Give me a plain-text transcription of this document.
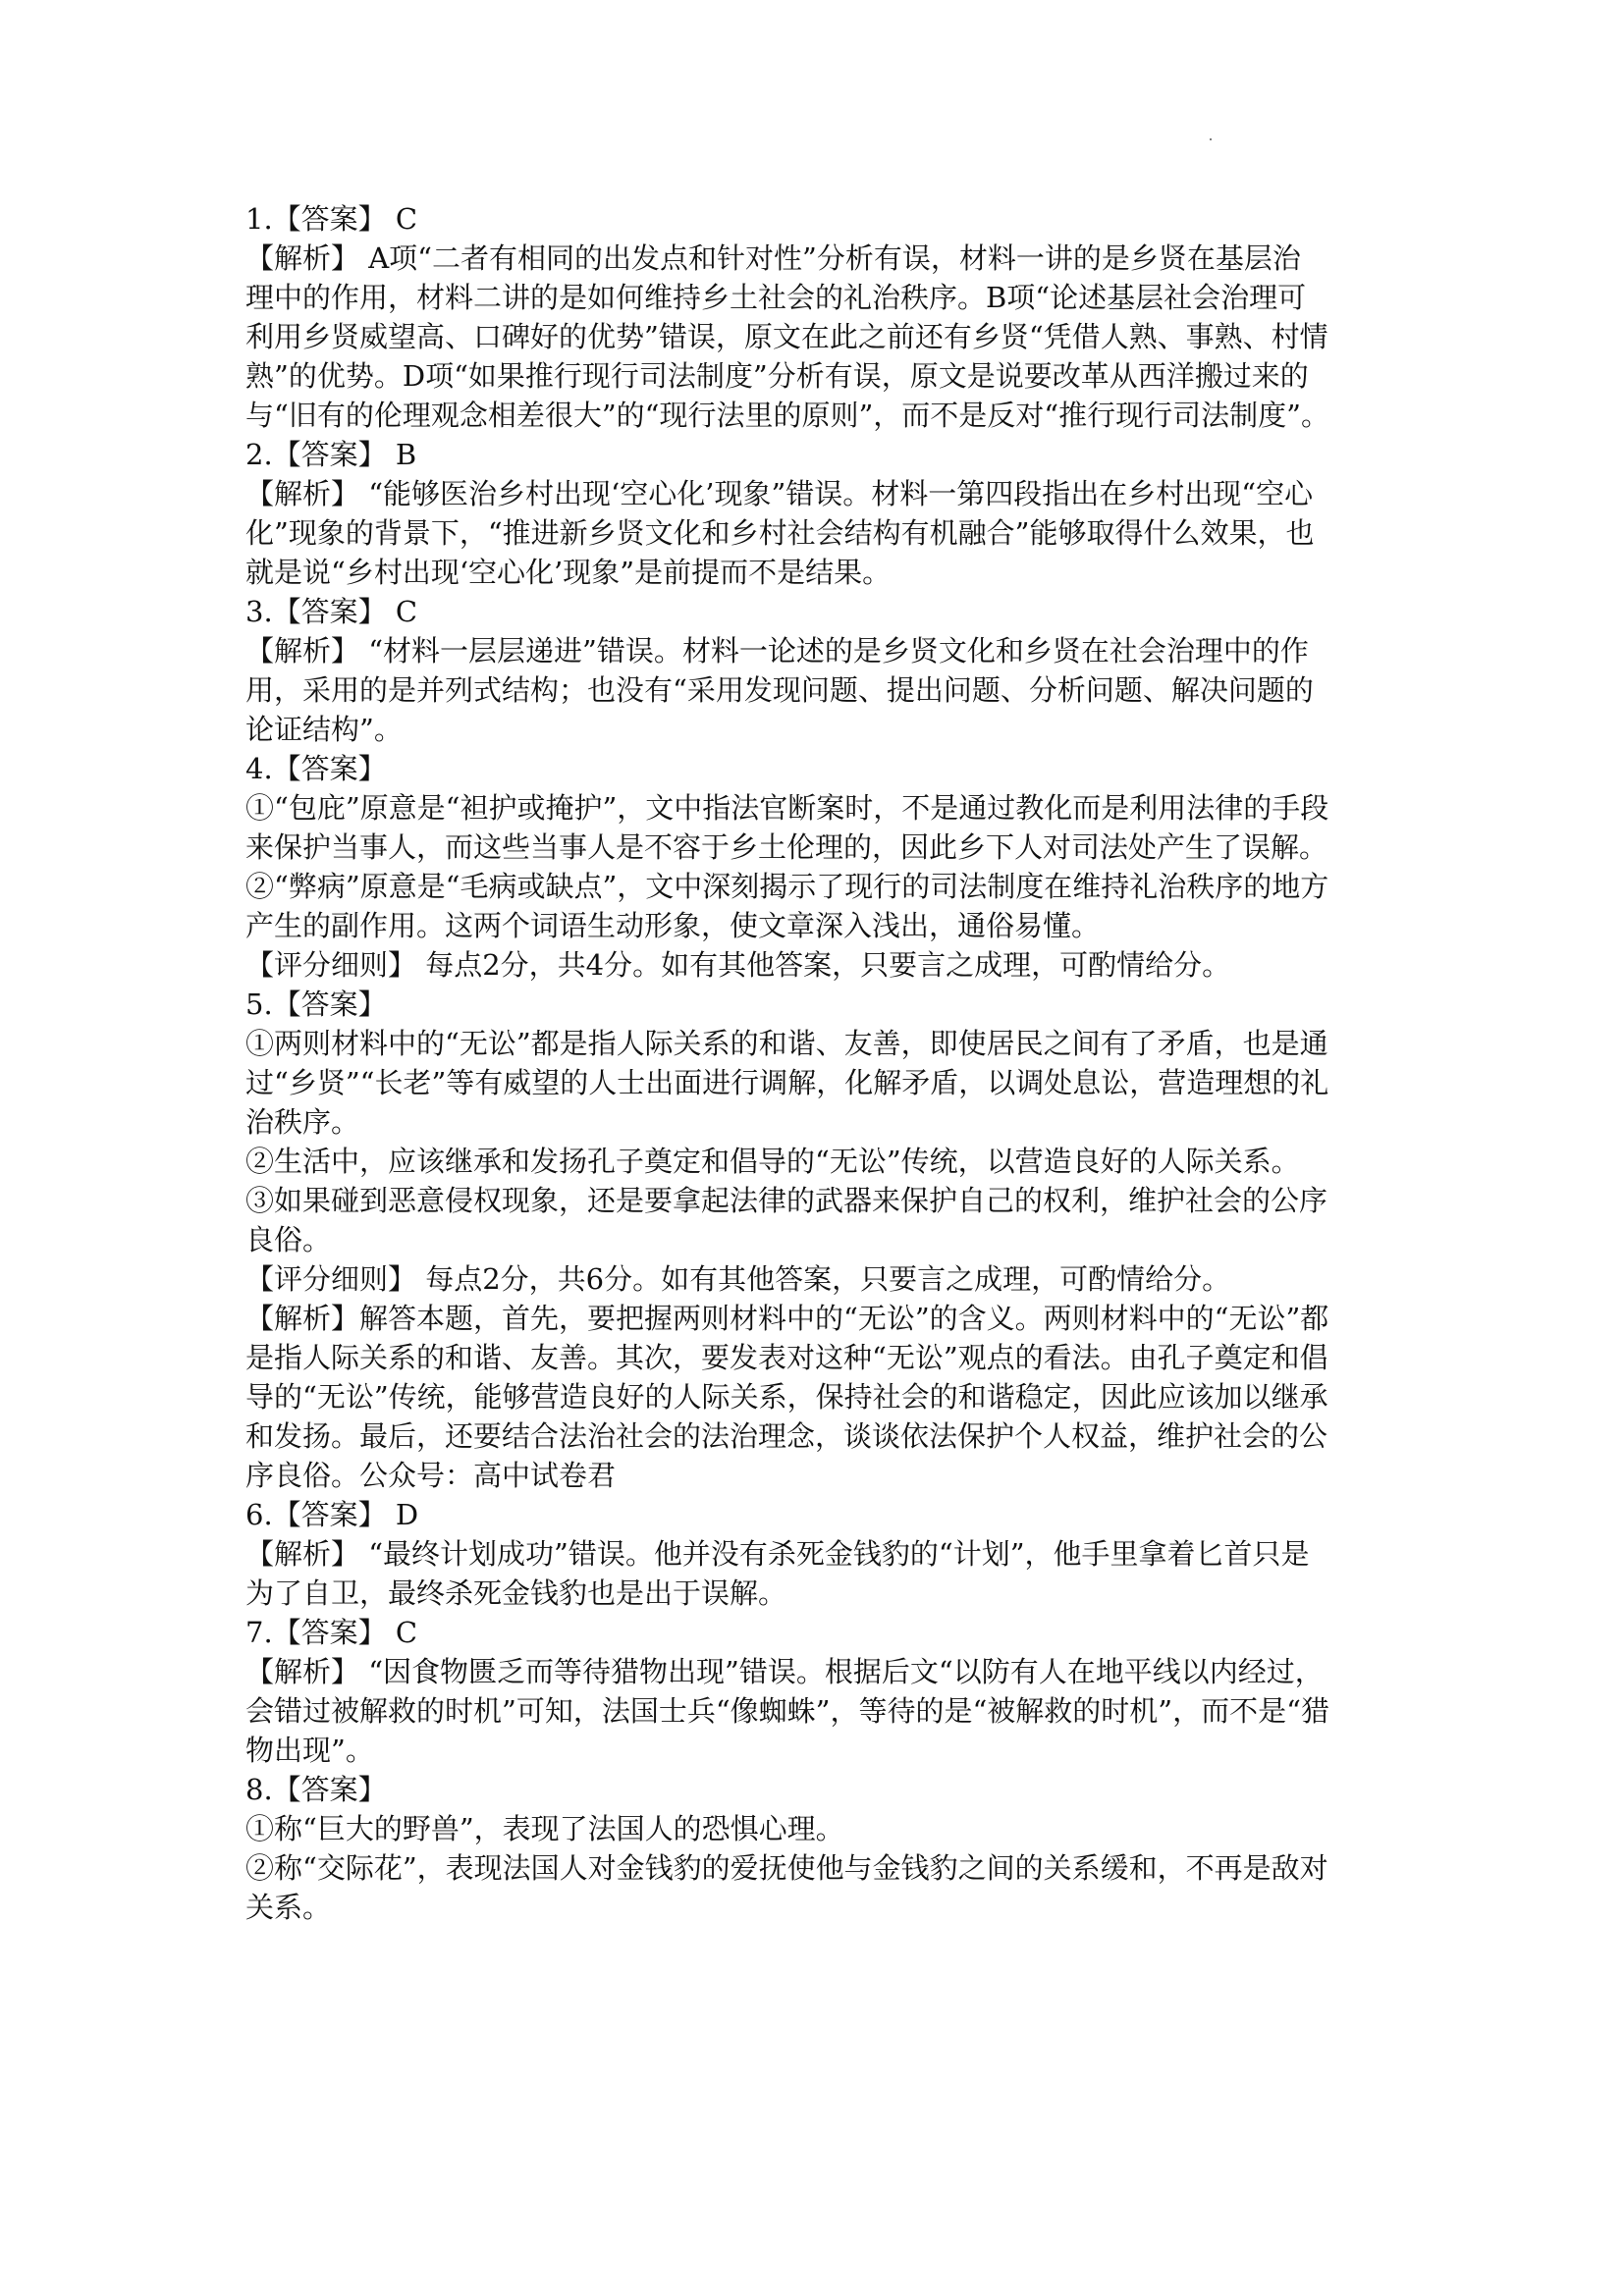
1.【答案】 C
【解析】 A项“二者有相同的出发点和针对性”分析有误，材料一讲的是乡贤在基层治
理中的作用，材料二讲的是如何维持乡土社会的礼治秩序。B项“论述基层社会治理可
利用乡贤威望高、口碑好的优势”错误，原文在此之前还有乡贤“凭借人熟、事熟、村情
熟”的优势。D项“如果推行现行司法制度”分析有误，原文是说要改革从西洋搬过来的
与“旧有的伦理观念相差很大”的“现行法里的原则”，而不是反对“推行现行司法制度”。
2.【答案】 B
【解析】 “能够医治乡村出现‘空心化’现象”错误。材料一第四段指出在乡村出现“空心
化”现象的背景下，“推进新乡贤文化和乡村社会结构有机融合”能够取得什么效果，也
就是说“乡村出现‘空心化’现象”是前提而不是结果。
3.【答案】 C
【解析】 “材料一层层递进”错误。材料一论述的是乡贤文化和乡贤在社会治理中的作
用，采用的是并列式结构；也没有“采用发现问题、提出问题、分析问题、解决问题的
论证结构”。
4.【答案】
①“包庇”原意是“袒护或掩护”，文中指法官断案时，不是通过教化而是利用法律的手段
来保护当事人，而这些当事人是不容于乡土伦理的，因此乡下人对司法处产生了误解。
②“弊病”原意是“毛病或缺点”，文中深刻揭示了现行的司法制度在维持礼治秩序的地方
产生的副作用。这两个词语生动形象，使文章深入浅出，通俗易懂。
【评分细则】 每点2分，共4分。如有其他答案，只要言之成理，可酌情给分。
5.【答案】
①两则材料中的“无讼”都是指人际关系的和谐、友善，即使居民之间有了矛盾，也是通
过“乡贤”“长老”等有威望的人士出面进行调解，化解矛盾，以调处息讼，营造理想的礼
治秩序。
②生活中，应该继承和发扬孔子奠定和倡导的“无讼”传统，以营造良好的人际关系。
③如果碰到恶意侵权现象，还是要拿起法律的武器来保护自己的权利，维护社会的公序
良俗。
【评分细则】 每点2分，共6分。如有其他答案，只要言之成理，可酌情给分。
【解析】解答本题，首先，要把握两则材料中的“无讼”的含义。两则材料中的“无讼”都
是指人际关系的和谐、友善。其次，要发表对这种“无讼”观点的看法。由孔子奠定和倡
导的“无讼”传统，能够营造良好的人际关系，保持社会的和谐稳定，因此应该加以继承
和发扬。最后，还要结合法治社会的法治理念，谈谈依法保护个人权益，维护社会的公
序良俗。公众号：高中试卷君
6.【答案】 D
【解析】 “最终计划成功”错误。他并没有杀死金钱豹的“计划”，他手里拿着匕首只是
为了自卫，最终杀死金钱豹也是出于误解。
7.【答案】 C
【解析】 “因食物匮乏而等待猎物出现”错误。根据后文“以防有人在地平线以内经过，
会错过被解救的时机”可知，法国士兵“像蜘蛛”，等待的是“被解救的时机”，而不是“猎
物出现”。
8.【答案】
①称“巨大的野兽”，表现了法国人的恐惧心理。
②称“交际花”，表现法国人对金钱豹的爱抚使他与金钱豹之间的关系缓和，不再是敌对
关系。
